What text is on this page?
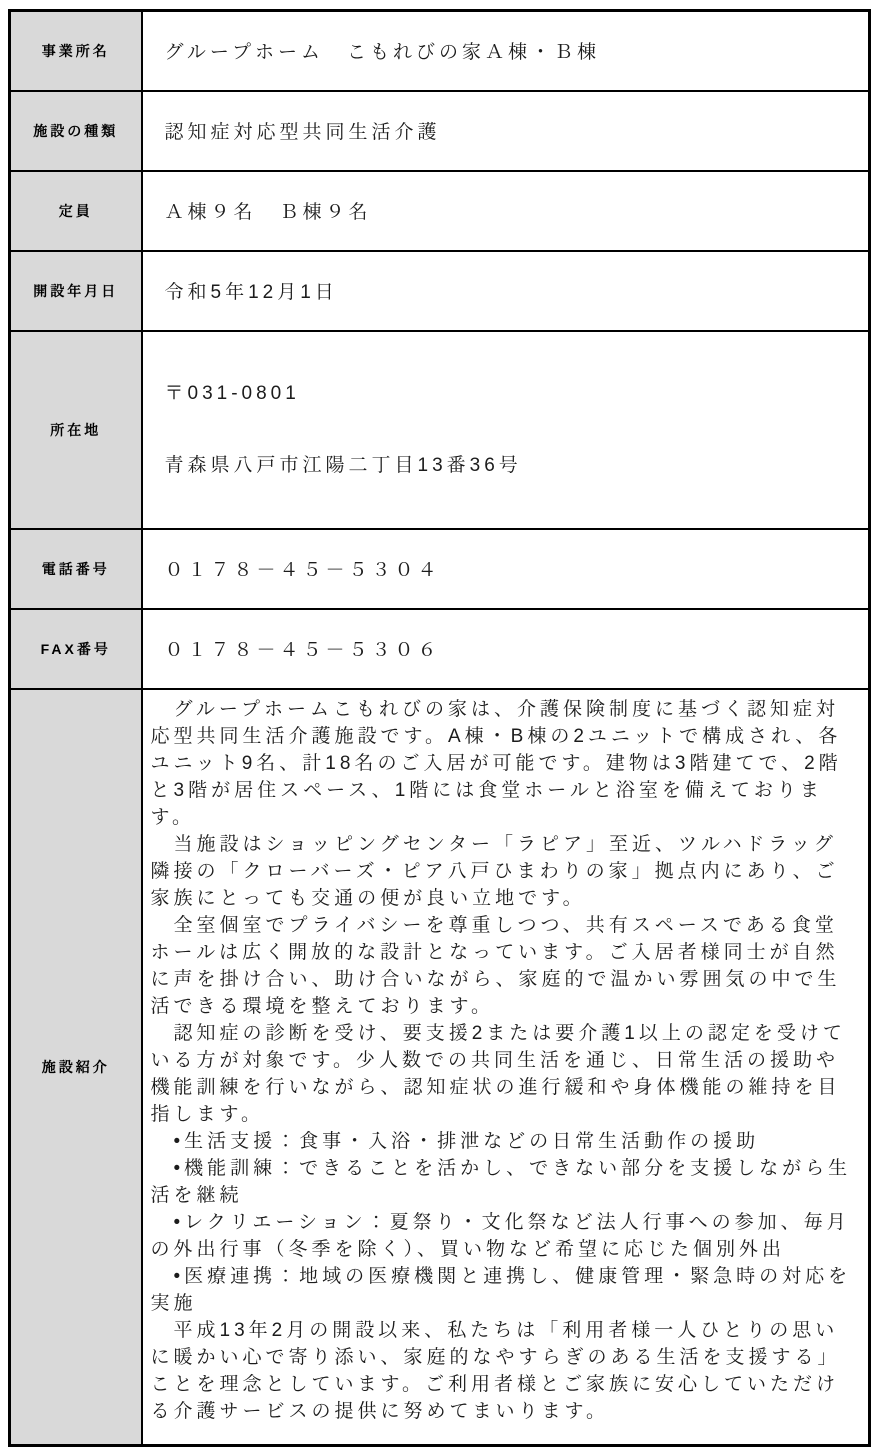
事業所名	グループホーム　こもれびの家Ａ棟・Ｂ棟
施設の種類	認知症対応型共同生活介護
定員	Ａ棟９名　Ｂ棟９名
開設年月日	令和5年12月1日
所在地	〒031-0801

青森県八戸市江陽二丁目13番36号

電話番号	０１７８－４５－５３０４
FAX番号	０１７８－４５－５３０６
施設紹介	

　グループホームこもれびの家は、介護保険制度に基づく認知症対応型共同生活介護施設です。A棟・B棟の2ユニットで構成され、各ユニット9名、計18名のご入居が可能です。建物は3階建てで、2階と3階が居住スペース、1階には食堂ホールと浴室を備えております。

　当施設はショッピングセンター「ラピア」至近、ツルハドラッグ隣接の「クローバーズ・ピア八戸ひまわりの家」拠点内にあり、ご家族にとっても交通の便が良い立地です。

　全室個室でプライバシーを尊重しつつ、共有スペースである食堂ホールは広く開放的な設計となっています。ご入居者様同士が自然に声を掛け合い、助け合いながら、家庭的で温かい雰囲気の中で生活できる環境を整えております。

　認知症の診断を受け、要支援2または要介護1以上の認定を受けている方が対象です。少人数での共同生活を通じ、日常生活の援助や機能訓練を行いながら、認知症状の進行緩和や身体機能の維持を目指します。

　•生活支援：食事・入浴・排泄などの日常生活動作の援助

　•機能訓練：できることを活かし、できない部分を支援しながら生活を継続

　•レクリエーション：夏祭り・文化祭など法人行事への参加、毎月の外出行事（冬季を除く）、買い物など希望に応じた個別外出

　•医療連携：地域の医療機関と連携し、健康管理・緊急時の対応を実施

　平成13年2月の開設以来、私たちは「利用者様一人ひとりの思いに暖かい心で寄り添い、家庭的なやすらぎのある生活を支援する」ことを理念としています。ご利用者様とご家族に安心していただける介護サービスの提供に努めてまいります。
